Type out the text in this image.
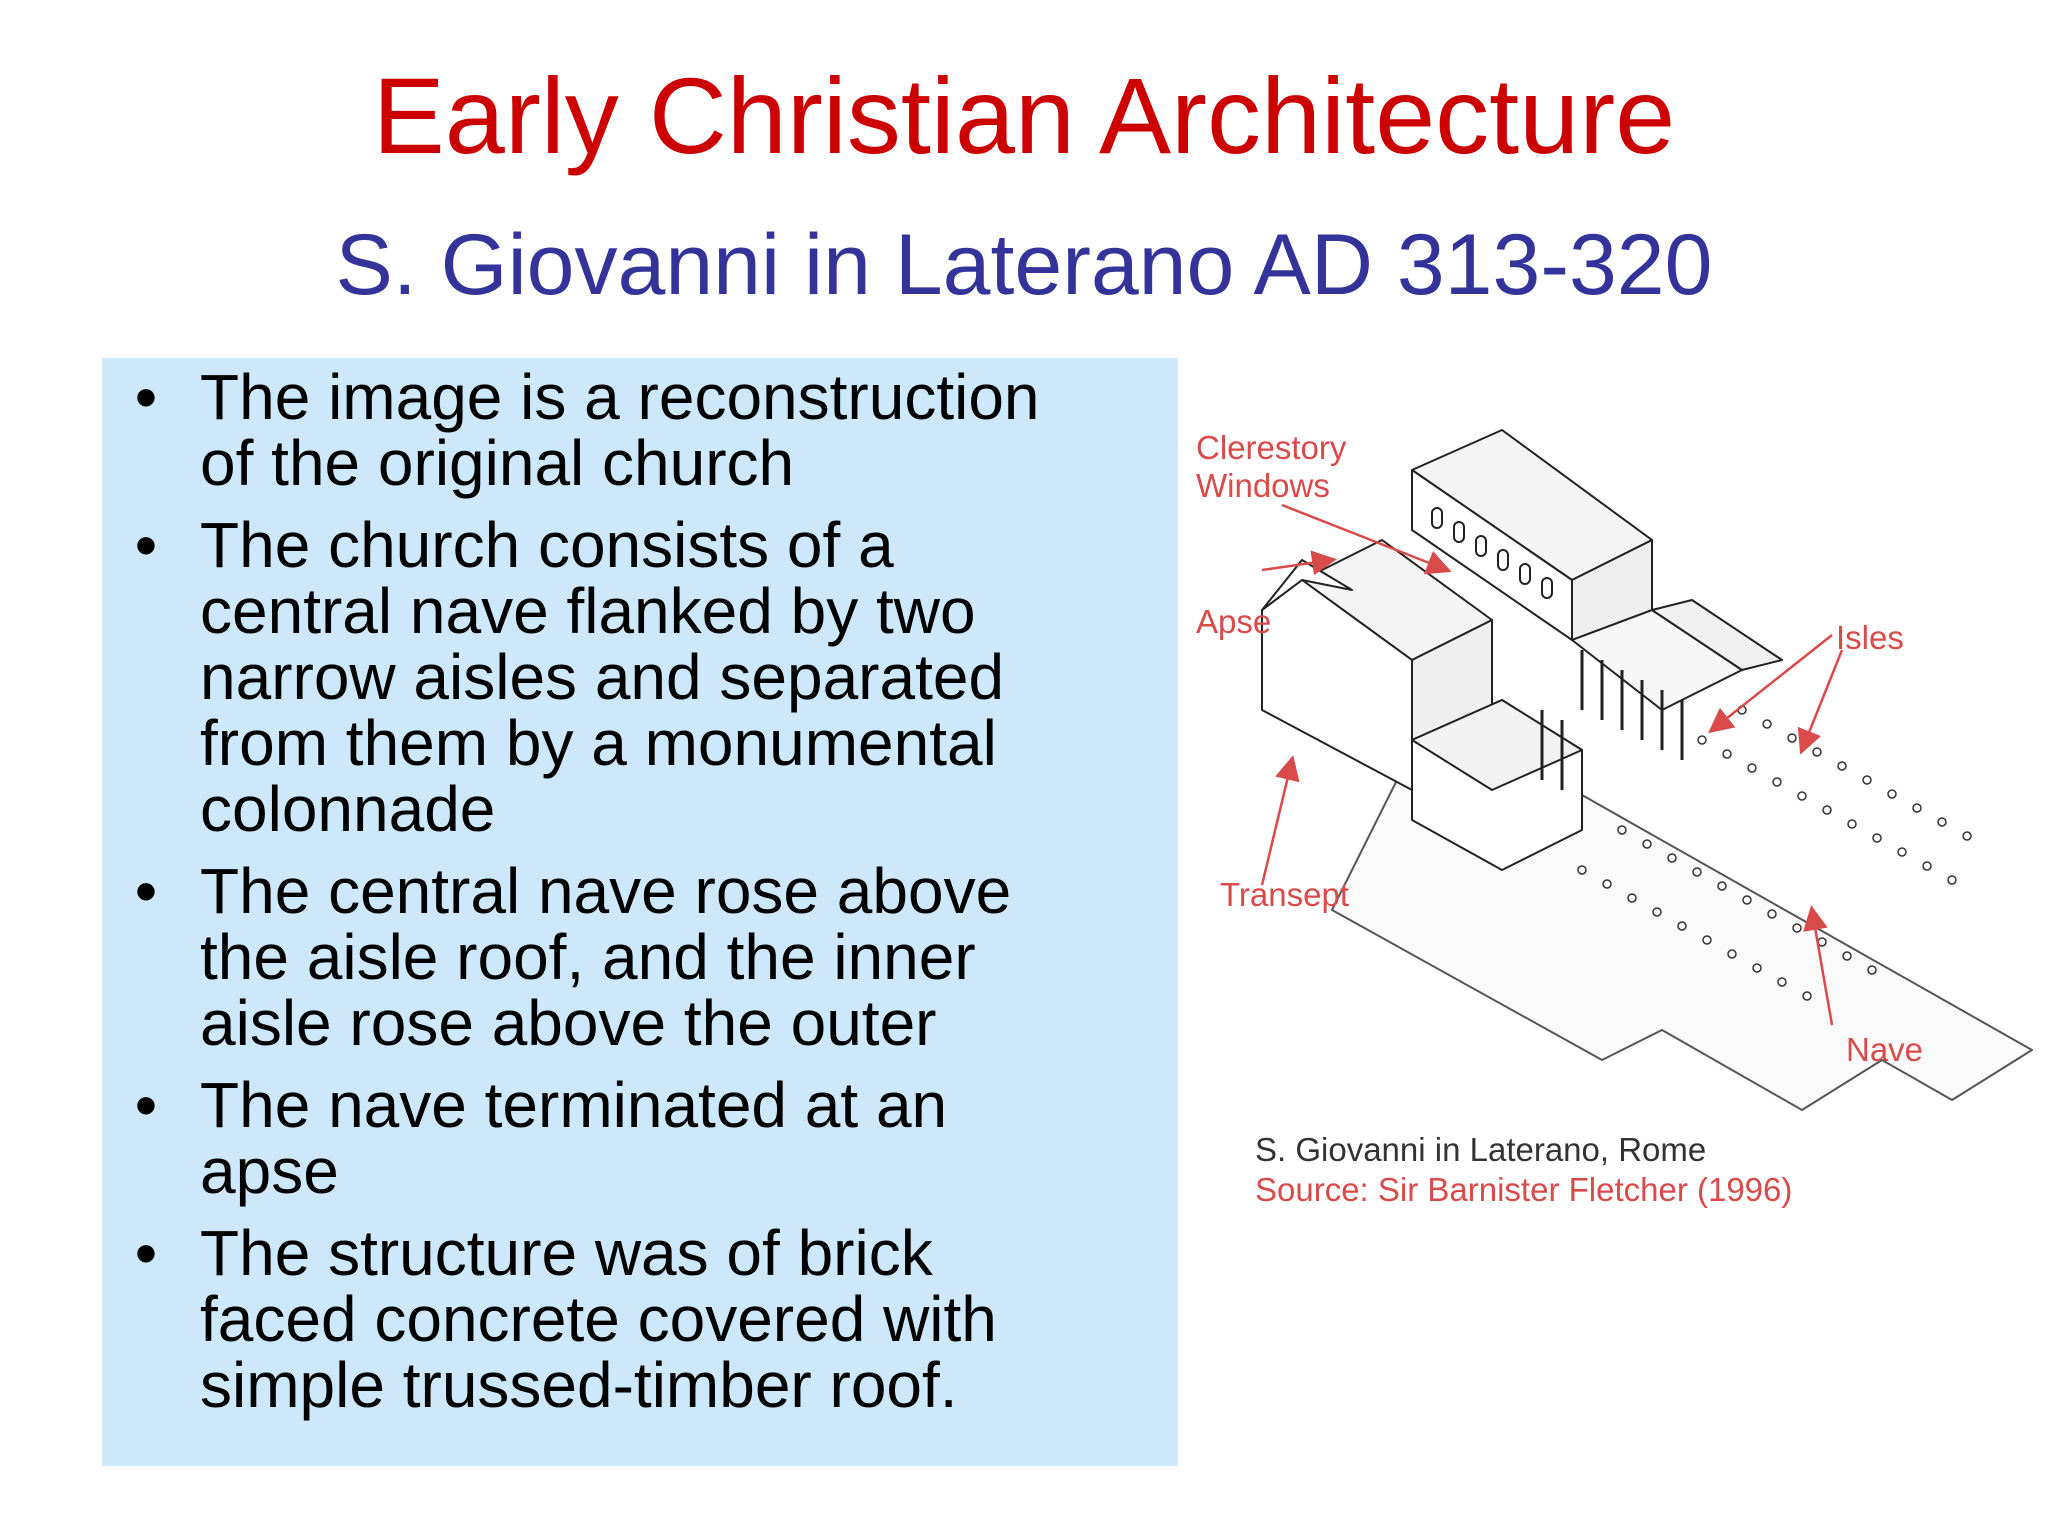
Early Christian Architecture
S. Giovanni in Laterano AD 313-320
• The image is a reconstruction
of the original church
• The church consists of a
central nave flanked by two
narrow aisles and separated
from them by a monumental
colonnade
• The central nave rose above
the aisle roof, and the inner
aisle rose above the outer
• The nave terminated at an
apse
• The structure was of brick
faced concrete covered with
simple trussed-timber roof.
Clerestory
Windows
Apse	Isles
Transept
Nave
S. Giovanni in Laterano, Rome
Source: Sir Barnister Fletcher (1996)
